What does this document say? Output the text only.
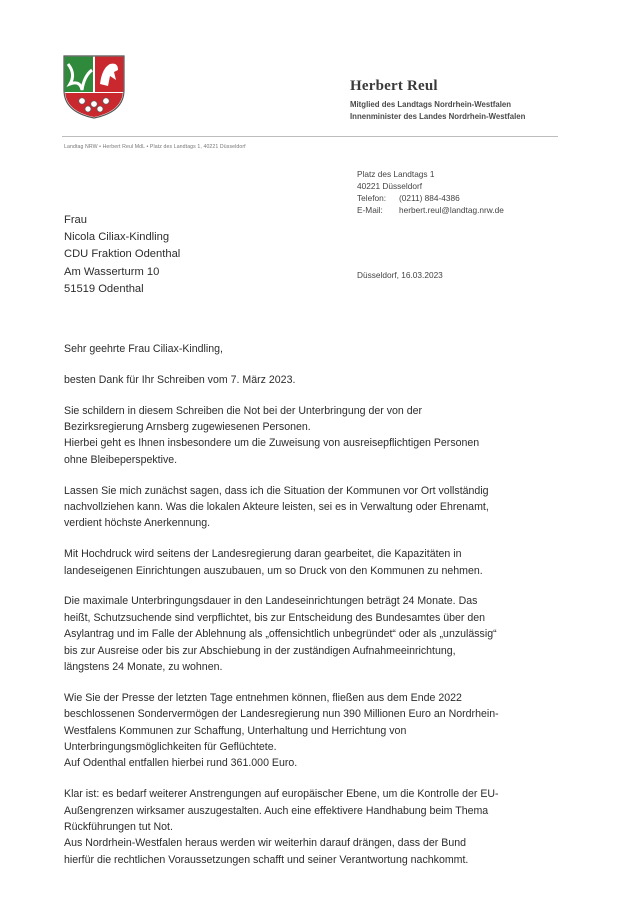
Herbert Reul
Mitglied des Landtags Nordrhein-Westfalen
Innenminister des Landes Nordrhein-Westfalen
Landtag NRW • Herbert Reul MdL • Platz des Landtags 1, 40221 Düsseldorf
Platz des Landtags 1
40221 Düsseldorf
Telefon: (0211) 884-4386
E-Mail: herbert.reul@landtag.nrw.de
Frau
Nicola Ciliax-Kindling
CDU Fraktion Odenthal
Am Wasserturm 10
51519 Odenthal
Düsseldorf, 16.03.2023

Sehr geehrte Frau Ciliax-Kindling,

besten Dank für Ihr Schreiben vom 7. März 2023.

Sie schildern in diesem Schreiben die Not bei der Unterbringung der von der

Bezirksregierung Arnsberg zugewiesenen Personen.

Hierbei geht es Ihnen insbesondere um die Zuweisung von ausreisepflichtigen Personen

ohne Bleibeperspektive.

Lassen Sie mich zunächst sagen, dass ich die Situation der Kommunen vor Ort vollständig

nachvollziehen kann. Was die lokalen Akteure leisten, sei es in Verwaltung oder Ehrenamt,

verdient höchste Anerkennung.

Mit Hochdruck wird seitens der Landesregierung daran gearbeitet, die Kapazitäten in

landeseigenen Einrichtungen auszubauen, um so Druck von den Kommunen zu nehmen.

Die maximale Unterbringungsdauer in den Landeseinrichtungen beträgt 24 Monate. Das

heißt, Schutzsuchende sind verpflichtet, bis zur Entscheidung des Bundesamtes über den

Asylantrag und im Falle der Ablehnung als „offensichtlich unbegründet“ oder als „unzulässig“

bis zur Ausreise oder bis zur Abschiebung in der zuständigen Aufnahmeeinrichtung,

längstens 24 Monate, zu wohnen.

Wie Sie der Presse der letzten Tage entnehmen können, fließen aus dem Ende 2022

beschlossenen Sondervermögen der Landesregierung nun 390 Millionen Euro an Nordrhein-

Westfalens Kommunen zur Schaffung, Unterhaltung und Herrichtung von

Unterbringungsmöglichkeiten für Geflüchtete.

Auf Odenthal entfallen hierbei rund 361.000 Euro.

Klar ist: es bedarf weiterer Anstrengungen auf europäischer Ebene, um die Kontrolle der EU-

Außengrenzen wirksamer auszugestalten. Auch eine effektivere Handhabung beim Thema

Rückführungen tut Not.

Aus Nordrhein-Westfalen heraus werden wir weiterhin darauf drängen, dass der Bund

hierfür die rechtlichen Voraussetzungen schafft und seiner Verantwortung nachkommt.
